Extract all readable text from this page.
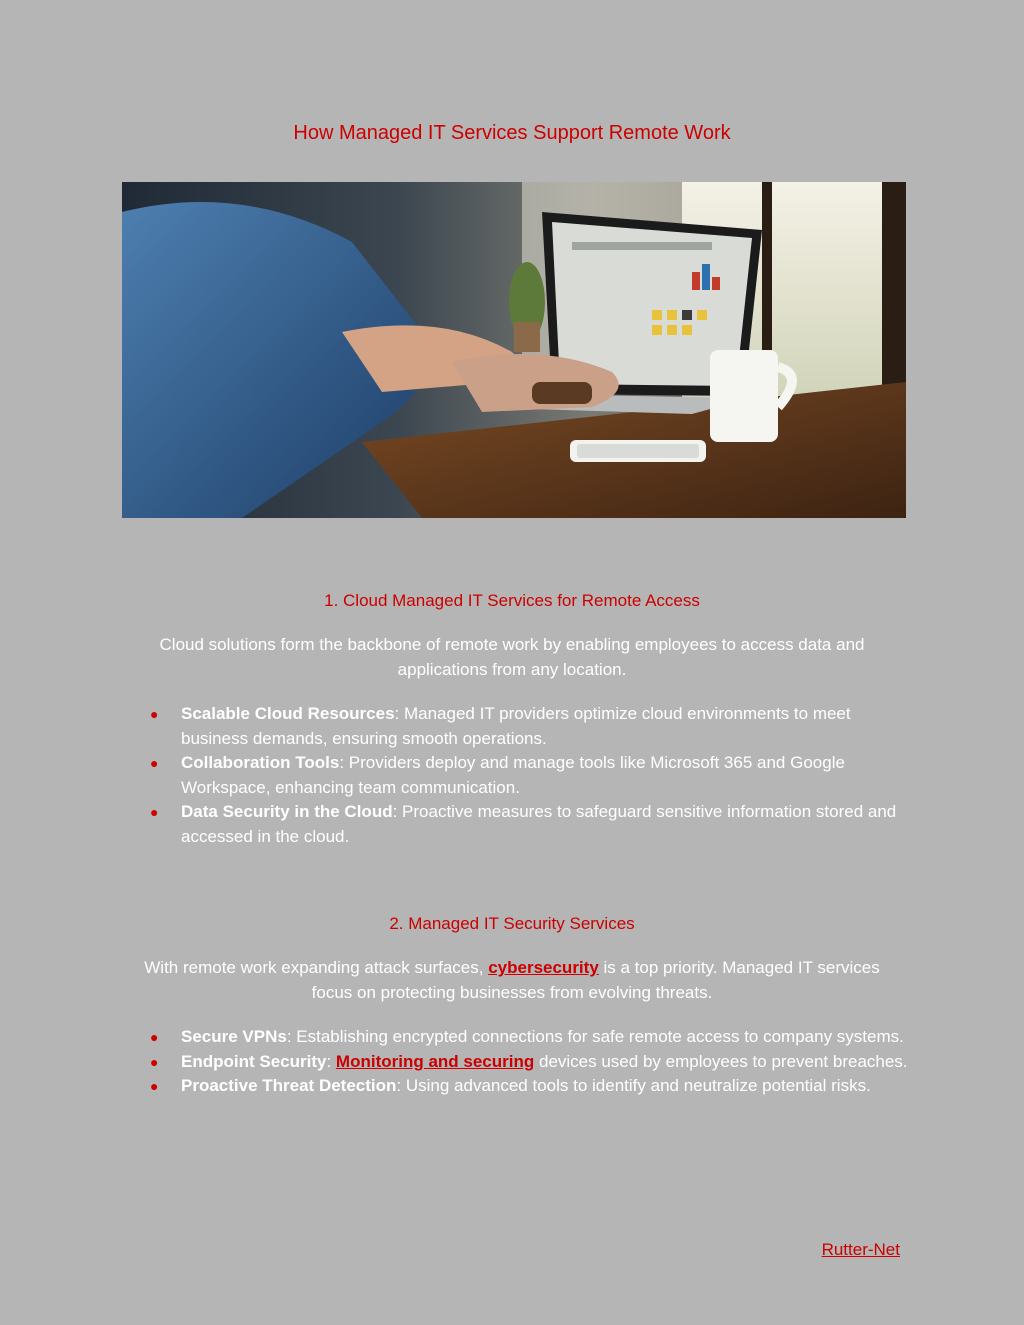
How Managed IT Services Support Remote Work
1. Cloud Managed IT Services for Remote Access
Cloud solutions form the backbone of remote work by enabling employees to access data and applications from any location.
● Scalable Cloud Resources: Managed IT providers optimize cloud environments to meet business demands, ensuring smooth operations.
● Collaboration Tools: Providers deploy and manage tools like Microsoft 365 and Google Workspace, enhancing team communication.
● Data Security in the Cloud: Proactive measures to safeguard sensitive information stored and accessed in the cloud.
2. Managed IT Security Services
With remote work expanding attack surfaces, cybersecurity is a top priority. Managed IT services focus on protecting businesses from evolving threats.
● Secure VPNs: Establishing encrypted connections for safe remote access to company systems.
● Endpoint Security: Monitoring and securing devices used by employees to prevent breaches.
● Proactive Threat Detection: Using advanced tools to identify and neutralize potential risks.
Rutter-Net
